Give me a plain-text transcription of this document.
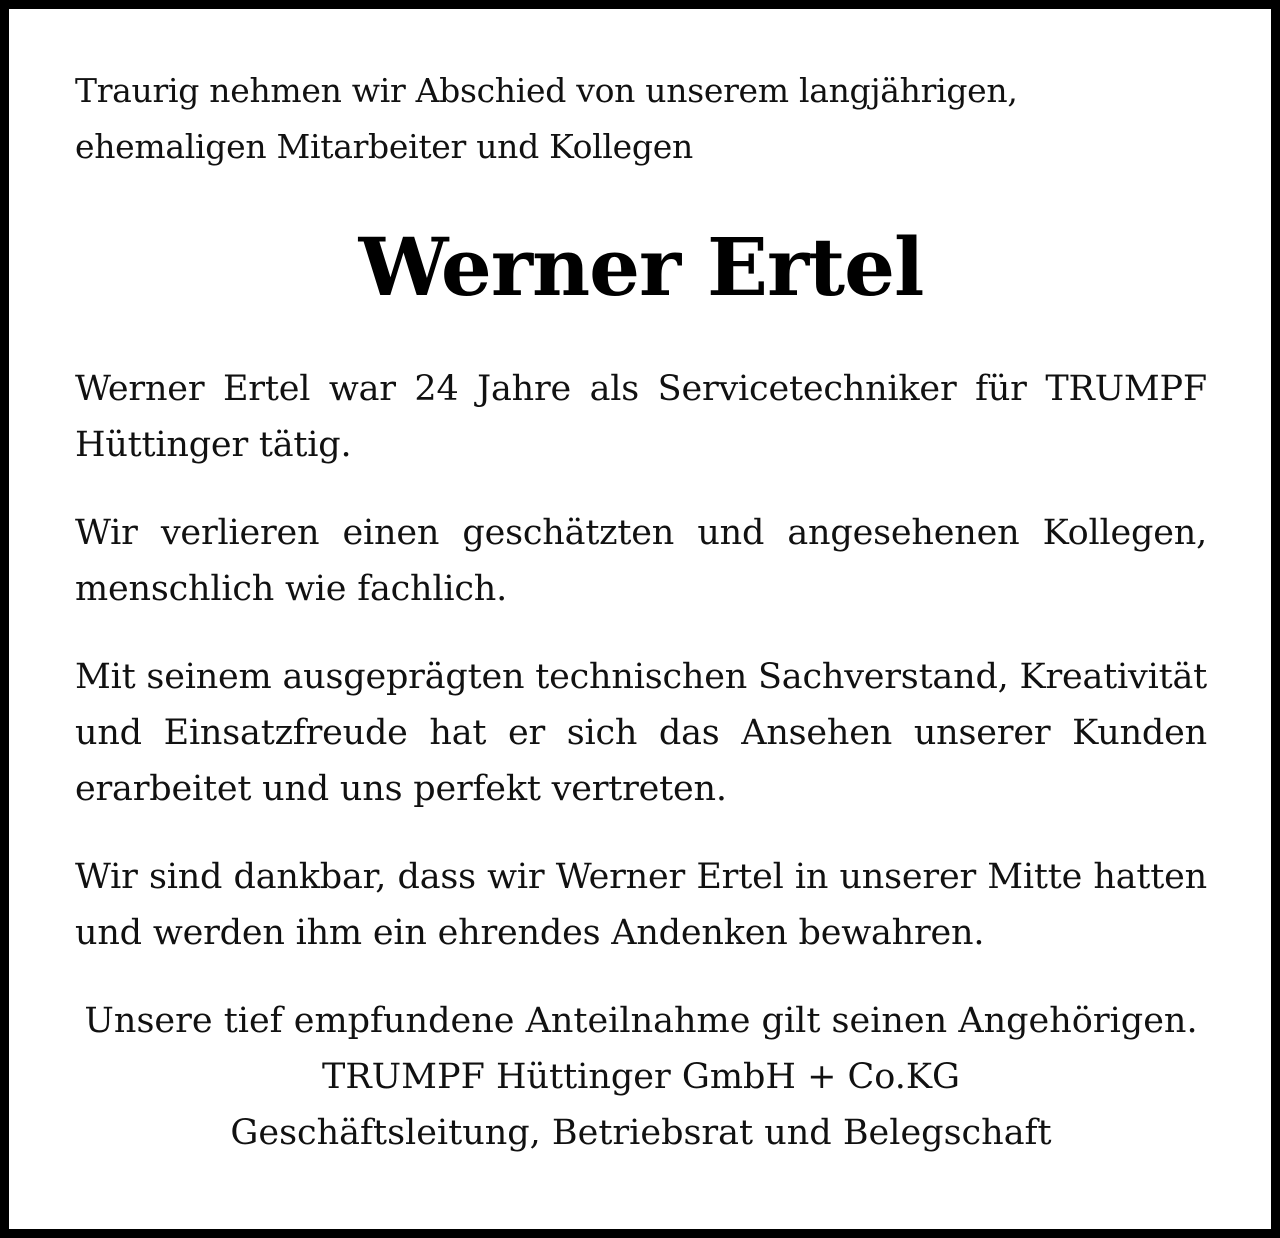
Traurig nehmen wir Abschied von unserem langjährigen, ehemaligen Mitarbeiter und Kollegen

Werner Ertel

Werner Ertel war 24 Jahre als Servicetechniker für TRUMPF Hüttinger tätig.

Wir verlieren einen geschätzten und angesehenen Kollegen, menschlich wie fachlich.

Mit seinem ausgeprägten technischen Sachverstand, Kreativität und Einsatzfreude hat er sich das Ansehen unserer Kunden erarbeitet und uns perfekt vertreten.

Wir sind dankbar, dass wir Werner Ertel in unserer Mitte hatten und werden ihm ein ehrendes Andenken bewahren.

Unsere tief empfundene Anteilnahme gilt seinen Angehörigen.
TRUMPF Hüttinger GmbH + Co.KG
Geschäftsleitung, Betriebsrat und Belegschaft
